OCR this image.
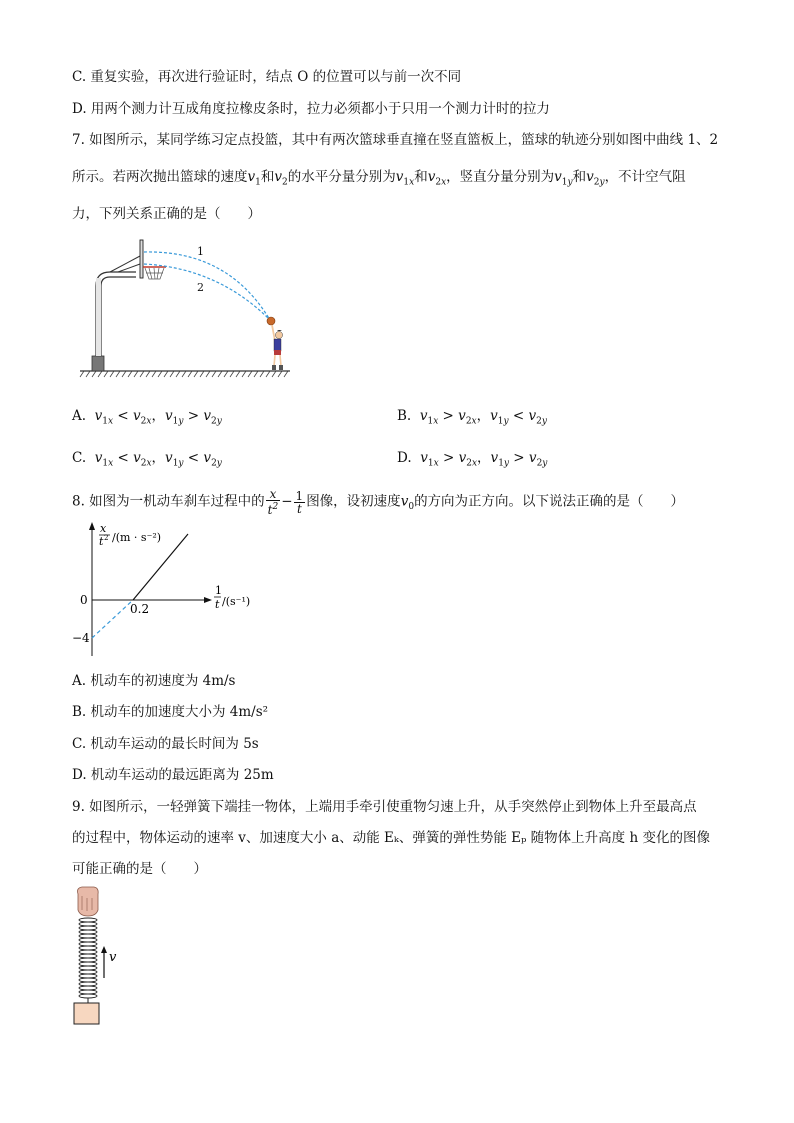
C. 重复实验，再次进行验证时，结点 O 的位置可以与前一次不同
D. 用两个测力计互成角度拉橡皮条时，拉力必须都小于只用一个测力计时的拉力
7. 如图所示，某同学练习定点投篮，其中有两次篮球垂直撞在竖直篮板上，篮球的轨迹分别如图中曲线 1、2
所示。若两次抛出篮球的速度$v_1$和$v_2$的水平分量分别为$v_{1x}$和$v_{2x}$，竖直分量分别为$v_{1y}$和$v_{2y}$，不计空气阻
力，下列关系正确的是（　　）
1
2
A. $v_{1x} < v_{2x}$，$v_{1y} > v_{2y}$	B. $v_{1x} > v_{2x}$，$v_{1y} < v_{2y}$
C. $v_{1x} < v_{2x}$，$v_{1y} < v_{2y}$	D. $v_{1x} > v_{2x}$，$v_{1y} > v_{2y}$
8. 如图为一机动车刹车过程中的 $\frac{x}{t^2} - \frac{1}{t}$ 图像，设初速度$v_0$的方向为正方向。以下说法正确的是（　　）
x
t 2 /(m · s⁻²)
1
t /(s⁻¹)
0
0.2
−4
A. 机动车的初速度为 4m/s
B. 机动车的加速度大小为 4m/s²
C. 机动车运动的最长时间为 5s
D. 机动车运动的最远距离为 25m
9. 如图所示，一轻弹簧下端挂一物体，上端用手牵引使重物匀速上升，从手突然停止到物体上升至最高点
的过程中，物体运动的速率 v、加速度大小 a、动能 Eₖ、弹簧的弹性势能 Eₚ 随物体上升高度 h 变化的图像
可能正确的是（　　）
v
